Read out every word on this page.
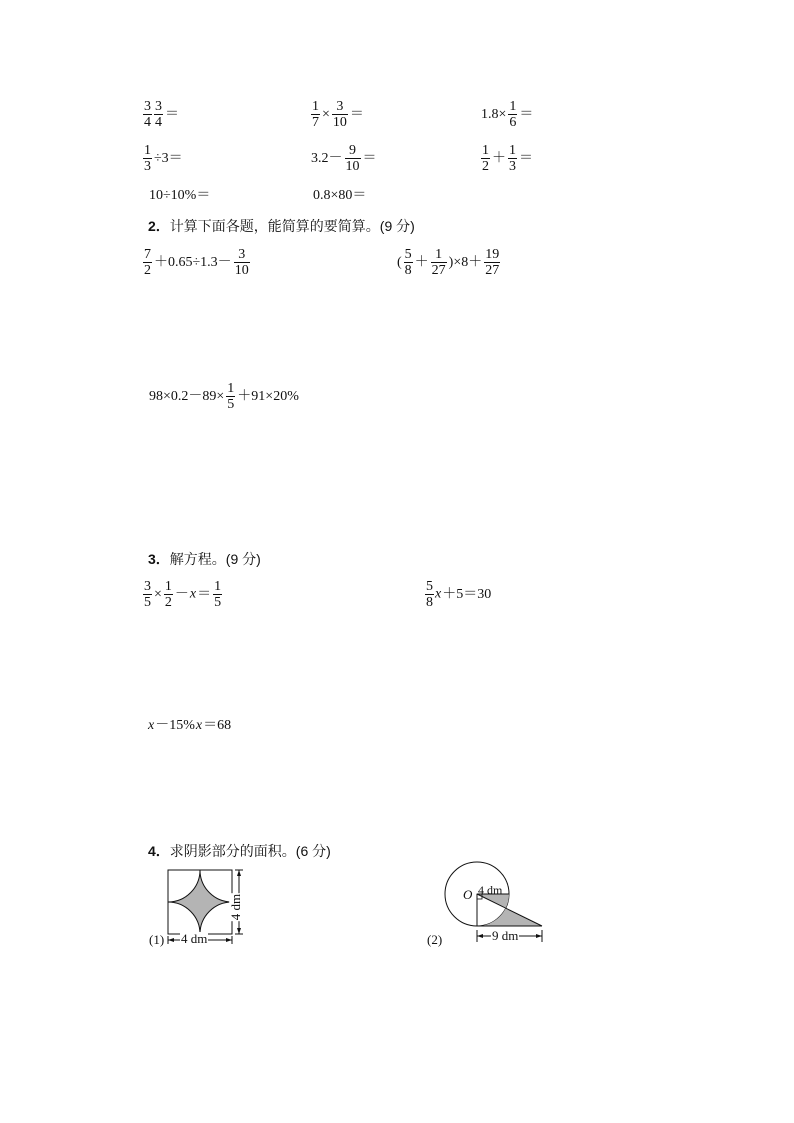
$\frac{3}{4} \frac{3}{4}$ ＝	$\frac{1}{7} \times \frac{3}{10}$ ＝	$1.8\times \frac{1}{6}$ ＝
$\frac{1}{3} \div 3=$	$3.2- \frac{9}{10}$ ＝	$\frac{1}{2} + \frac{1}{3}$ ＝
10÷10%＝	0.8×80＝
2．计算下面各题，能简算的要简算。(9 分)
$\frac{7}{2} +0.65\div 1.3- \frac{3}{10}$	( $\frac{5}{8} + \frac{1}{27} )\times 8+ \frac{19}{27}$
$98\times 0.2-89\times \frac{1}{5} +91\times 20\%$
3．解方程。(9 分)
$\frac{3}{5} \times \frac{1}{2} -x= \frac{1}{5}$	$\frac{5}{8} x+5=30$
x－15%x＝68
4．求阴影部分的面积。(6 分)
(1) 4 dm
4 dm
(2)
O 4 dm
9 dm
